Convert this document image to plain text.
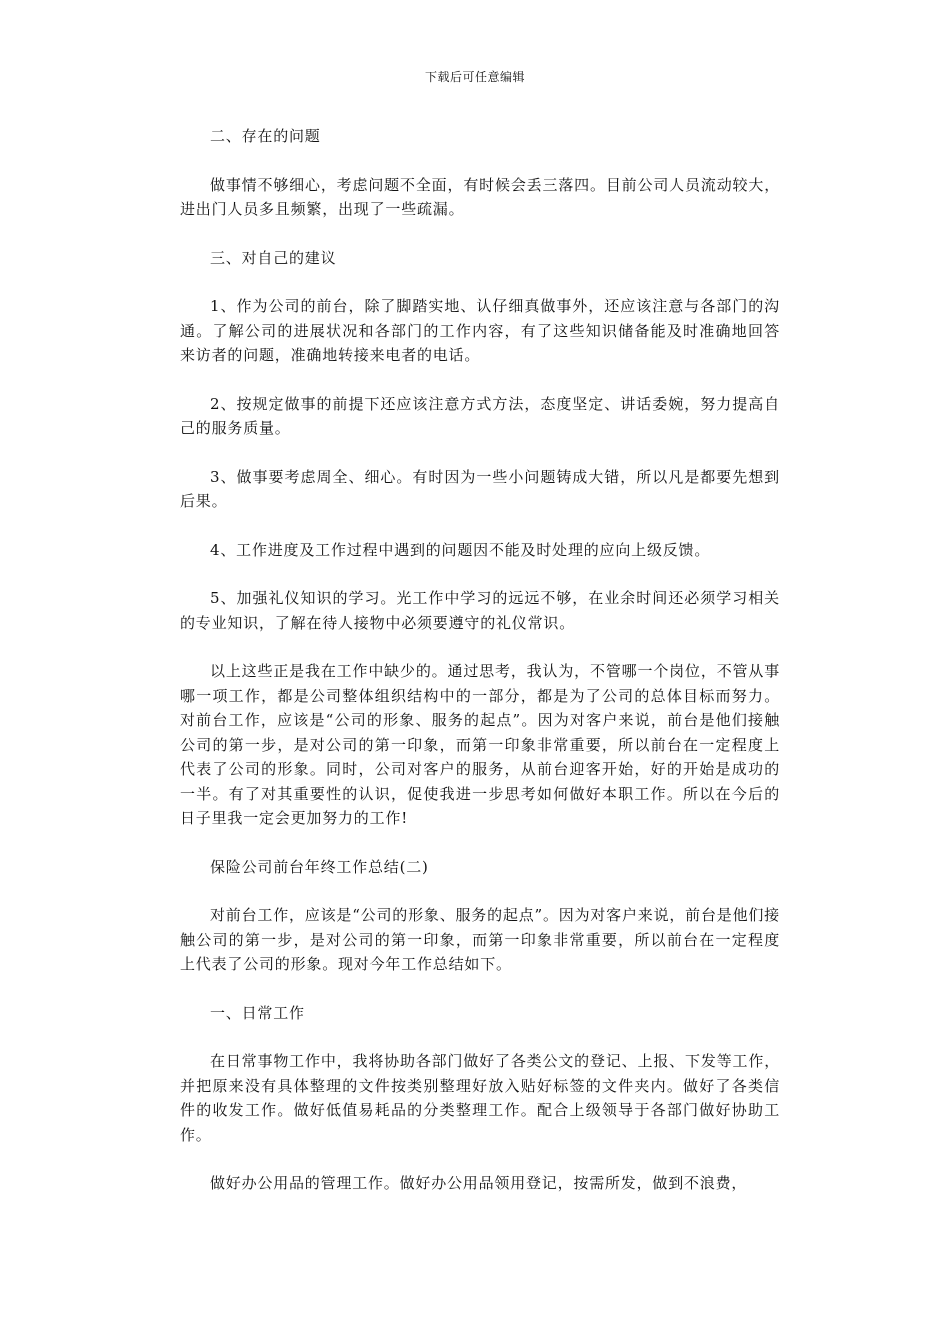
下载后可任意编辑

二、存在的问题

做事情不够细心，考虑问题不全面，有时候会丢三落四。目前公司人员流动较大，进出门人员多且频繁，出现了一些疏漏。

三、对自己的建议

1、作为公司的前台，除了脚踏实地、认仔细真做事外，还应该注意与各部门的沟通。了解公司的进展状况和各部门的工作内容，有了这些知识储备能及时准确地回答来访者的问题，准确地转接来电者的电话。

2、按规定做事的前提下还应该注意方式方法，态度坚定、讲话委婉，努力提高自己的服务质量。

3、做事要考虑周全、细心。有时因为一些小问题铸成大错，所以凡是都要先想到后果。

4、工作进度及工作过程中遇到的问题因不能及时处理的应向上级反馈。

5、加强礼仪知识的学习。光工作中学习的远远不够，在业余时间还必须学习相关的专业知识，了解在待人接物中必须要遵守的礼仪常识。

以上这些正是我在工作中缺少的。通过思考，我认为，不管哪一个岗位，不管从事哪一项工作，都是公司整体组织结构中的一部分，都是为了公司的总体目标而努力。对前台工作，应该是“公司的形象、服务的起点”。因为对客户来说，前台是他们接触公司的第一步，是对公司的第一印象，而第一印象非常重要，所以前台在一定程度上代表了公司的形象。同时，公司对客户的服务，从前台迎客开始，好的开始是成功的一半。有了对其重要性的认识，促使我进一步思考如何做好本职工作。所以在今后的日子里我一定会更加努力的工作!

保险公司前台年终工作总结(二)

对前台工作，应该是“公司的形象、服务的起点”。因为对客户来说，前台是他们接触公司的第一步，是对公司的第一印象，而第一印象非常重要，所以前台在一定程度上代表了公司的形象。现对今年工作总结如下。

一、日常工作

在日常事物工作中，我将协助各部门做好了各类公文的登记、上报、下发等工作，并把原来没有具体整理的文件按类别整理好放入贴好标签的文件夹内。做好了各类信件的收发工作。做好低值易耗品的分类整理工作。配合上级领导于各部门做好协助工作。

做好办公用品的管理工作。做好办公用品领用登记，按需所发，做到不浪费，
